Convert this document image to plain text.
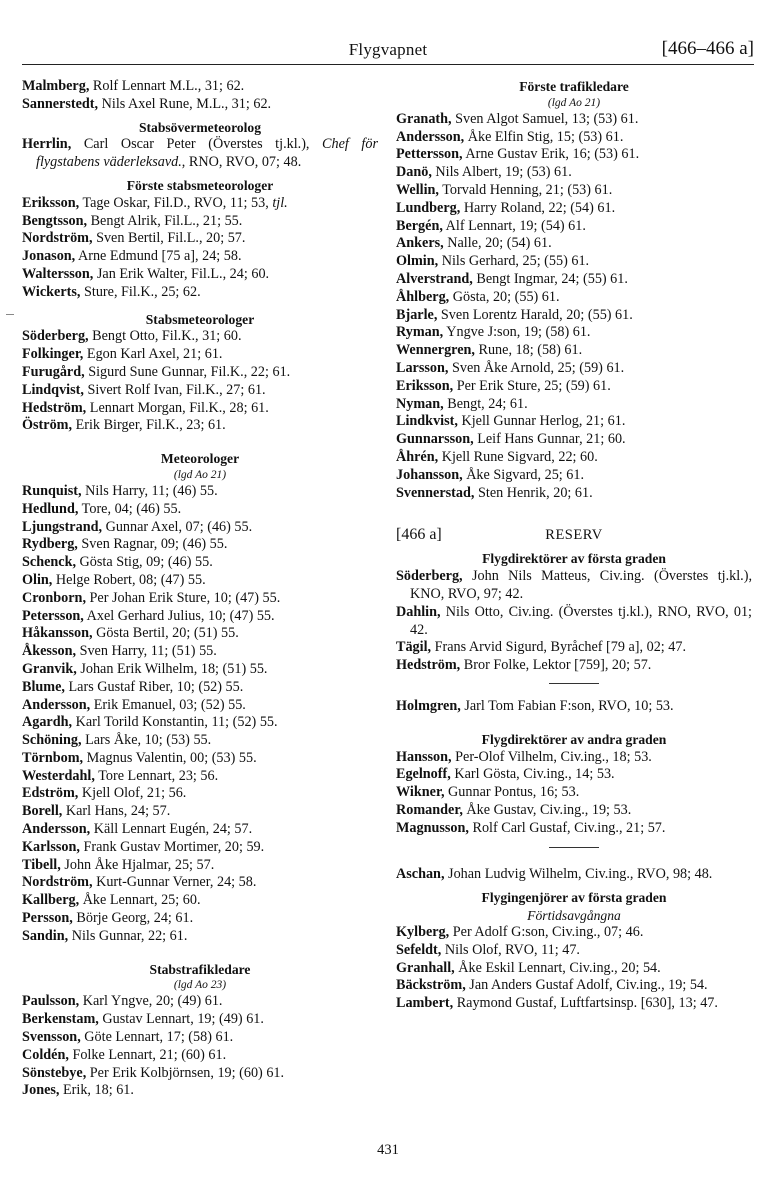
Flygvapnet	[466–466 a]
Malmberg, Rolf Lennart M.L., 31; 62.
Sannerstedt, Nils Axel Rune, M.L., 31; 62.
Stabsövermeteorolog
Herrlin, Carl Oscar Peter (Överstes tj.kl.), Chef för flygstabens väderleksavd., RNO, RVO, 07; 48.
Förste stabsmeteorologer
Eriksson, Tage Oskar, Fil.D., RVO, 11; 53, tjl.
Bengtsson, Bengt Alrik, Fil.L., 21; 55.
Nordström, Sven Bertil, Fil.L., 20; 57.
Jonason, Arne Edmund [75 a], 24; 58.
Waltersson, Jan Erik Walter, Fil.L., 24; 60.
Wickerts, Sture, Fil.K., 25; 62.
Stabsmeteorologer
Söderberg, Bengt Otto, Fil.K., 31; 60.
Folkinger, Egon Karl Axel, 21; 61.
Furugård, Sigurd Sune Gunnar, Fil.K., 22; 61.
Lindqvist, Sivert Rolf Ivan, Fil.K., 27; 61.
Hedström, Lennart Morgan, Fil.K., 28; 61.
Öström, Erik Birger, Fil.K., 23; 61.
Meteorologer
(lgd Ao 21)
Runquist, Nils Harry, 11; (46) 55.
Hedlund, Tore, 04; (46) 55.
Ljungstrand, Gunnar Axel, 07; (46) 55.
Rydberg, Sven Ragnar, 09; (46) 55.
Schenck, Gösta Stig, 09; (46) 55.
Olin, Helge Robert, 08; (47) 55.
Cronborn, Per Johan Erik Sture, 10; (47) 55.
Petersson, Axel Gerhard Julius, 10; (47) 55.
Håkansson, Gösta Bertil, 20; (51) 55.
Åkesson, Sven Harry, 11; (51) 55.
Granvik, Johan Erik Wilhelm, 18; (51) 55.
Blume, Lars Gustaf Riber, 10; (52) 55.
Andersson, Erik Emanuel, 03; (52) 55.
Agardh, Karl Torild Konstantin, 11; (52) 55.
Schöning, Lars Åke, 10; (53) 55.
Törnbom, Magnus Valentin, 00; (53) 55.
Westerdahl, Tore Lennart, 23; 56.
Edström, Kjell Olof, 21; 56.
Borell, Karl Hans, 24; 57.
Andersson, Käll Lennart Eugén, 24; 57.
Karlsson, Frank Gustav Mortimer, 20; 59.
Tibell, John Åke Hjalmar, 25; 57.
Nordström, Kurt-Gunnar Verner, 24; 58.
Kallberg, Åke Lennart, 25; 60.
Persson, Börje Georg, 24; 61.
Sandin, Nils Gunnar, 22; 61.
Stabstrafikledare
(lgd Ao 23)
Paulsson, Karl Yngve, 20; (49) 61.
Berkenstam, Gustav Lennart, 19; (49) 61.
Svensson, Göte Lennart, 17; (58) 61.
Coldén, Folke Lennart, 21; (60) 61.
Sönstebye, Per Erik Kolbjörnsen, 19; (60) 61.
Jones, Erik, 18; 61.
Förste trafikledare
(lgd Ao 21)
Granath, Sven Algot Samuel, 13; (53) 61.
Andersson, Åke Elfin Stig, 15; (53) 61.
Pettersson, Arne Gustav Erik, 16; (53) 61.
Danö, Nils Albert, 19; (53) 61.
Wellin, Torvald Henning, 21; (53) 61.
Lundberg, Harry Roland, 22; (54) 61.
Bergén, Alf Lennart, 19; (54) 61.
Ankers, Nalle, 20; (54) 61.
Olmin, Nils Gerhard, 25; (55) 61.
Alverstrand, Bengt Ingmar, 24; (55) 61.
Åhlberg, Gösta, 20; (55) 61.
Bjarle, Sven Lorentz Harald, 20; (55) 61.
Ryman, Yngve J:son, 19; (58) 61.
Wennergren, Rune, 18; (58) 61.
Larsson, Sven Åke Arnold, 25; (59) 61.
Eriksson, Per Erik Sture, 25; (59) 61.
Nyman, Bengt, 24; 61.
Lindkvist, Kjell Gunnar Herlog, 21; 61.
Gunnarsson, Leif Hans Gunnar, 21; 60.
Åhrén, Kjell Rune Sigvard, 22; 60.
Johansson, Åke Sigvard, 25; 61.
Svennerstad, Sten Henrik, 20; 61.
[466 a]	RESERV
Flygdirektörer av första graden
Söderberg, John Nils Matteus, Civ.ing. (Överstes tj.kl.), KNO, RVO, 97; 42.
Dahlin, Nils Otto, Civ.ing. (Överstes tj.kl.), RNO, RVO, 01; 42.
Tägil, Frans Arvid Sigurd, Byråchef [79 a], 02; 47.
Hedström, Bror Folke, Lektor [759], 20; 57.
Holmgren, Jarl Tom Fabian F:son, RVO, 10; 53.
Flygdirektörer av andra graden
Hansson, Per-Olof Vilhelm, Civ.ing., 18; 53.
Egelnoff, Karl Gösta, Civ.ing., 14; 53.
Wikner, Gunnar Pontus, 16; 53.
Romander, Åke Gustav, Civ.ing., 19; 53.
Magnusson, Rolf Carl Gustaf, Civ.ing., 21; 57.
Aschan, Johan Ludvig Wilhelm, Civ.ing., RVO, 98; 48.
Flygingenjörer av första graden
Förtidsavgångna
Kylberg, Per Adolf G:son, Civ.ing., 07; 46.
Sefeldt, Nils Olof, RVO, 11; 47.
Granhall, Åke Eskil Lennart, Civ.ing., 20; 54.
Bäckström, Jan Anders Gustaf Adolf, Civ.ing., 19; 54.
Lambert, Raymond Gustaf, Luftfartsinsp. [630], 13; 47.
431
